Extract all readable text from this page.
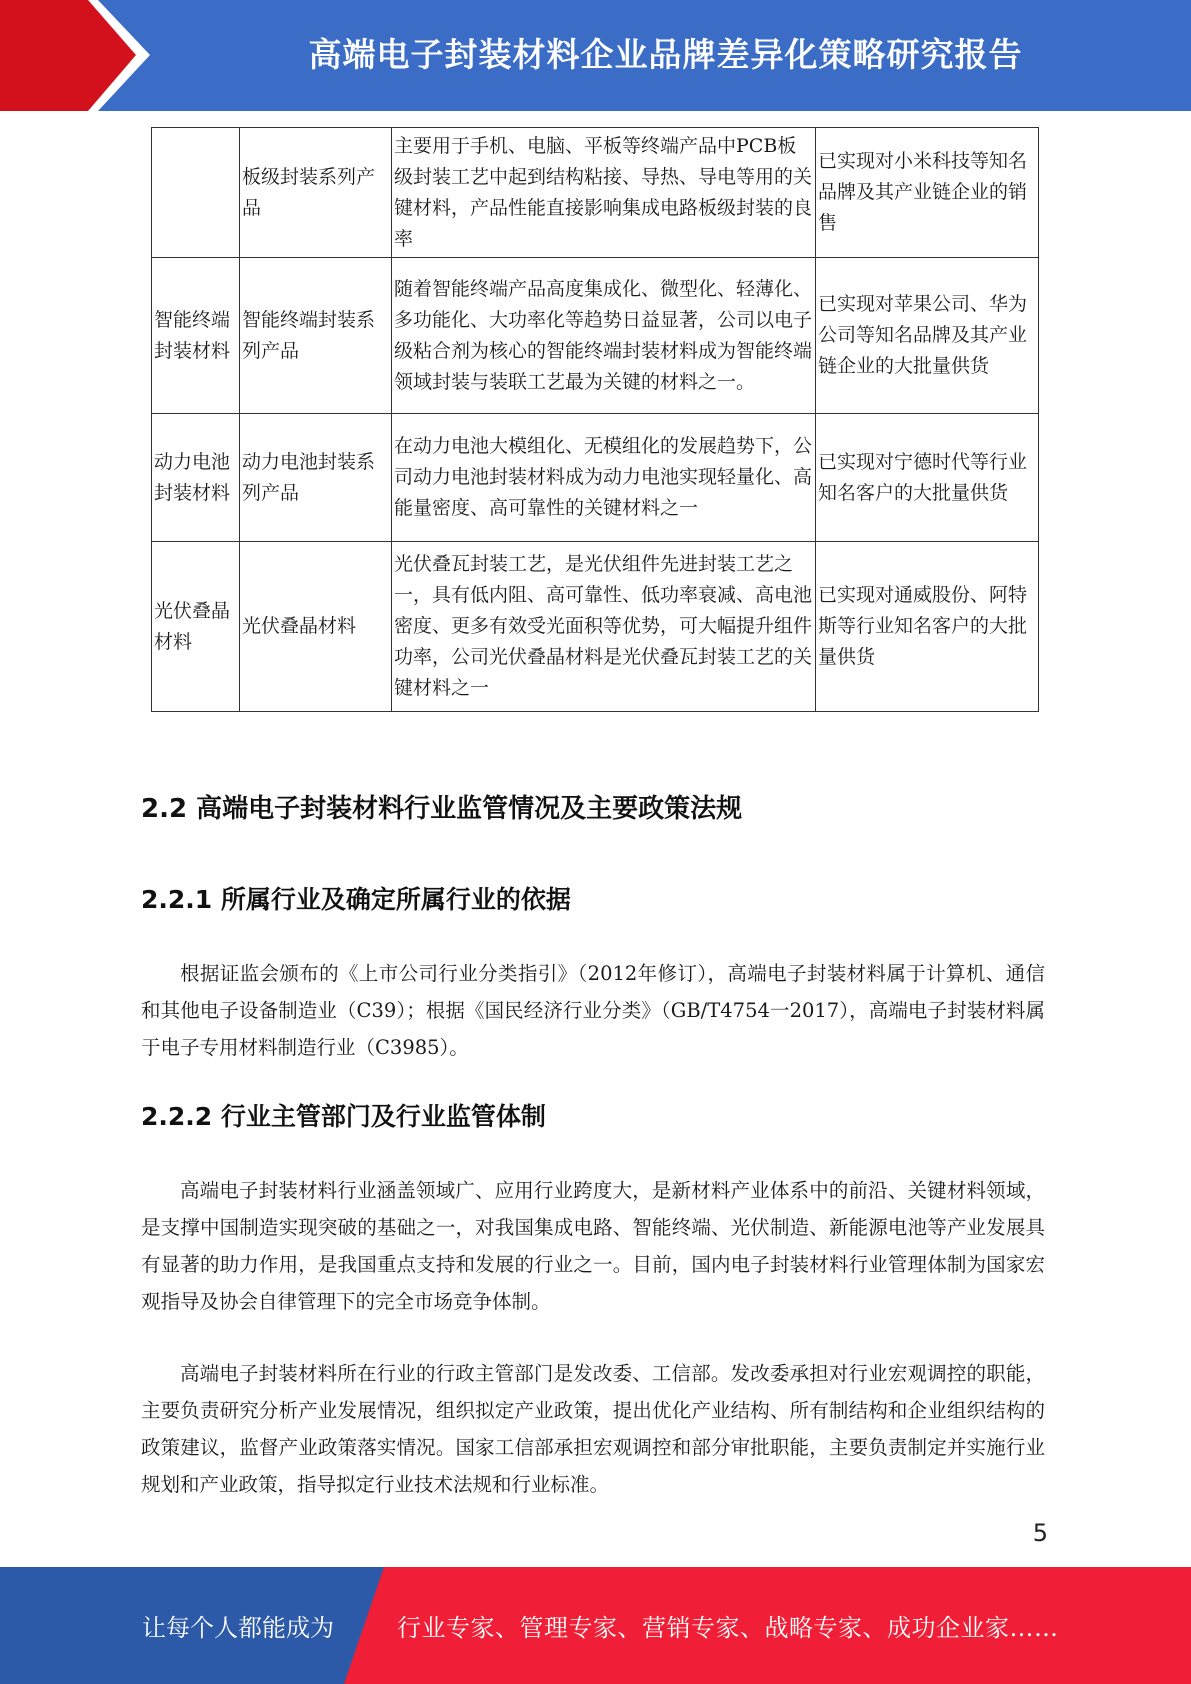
高端电子封装材料企业品牌差异化策略研究报告
	板级封装系列产品	主要用于手机、电脑、平板等终端产品中PCB板级封装工艺中起到结构粘接、导热、导电等用的关键材料，产品性能直接影响集成电路板级封装的良率	已实现对小米科技等知名品牌及其产业链企业的销售
智能终端封装材料	智能终端封装系列产品	随着智能终端产品高度集成化、微型化、轻薄化、多功能化、大功率化等趋势日益显著，公司以电子级粘合剂为核心的智能终端封装材料成为智能终端领域封装与装联工艺最为关键的材料之一。	已实现对苹果公司、华为公司等知名品牌及其产业链企业的大批量供货
动力电池封装材料	动力电池封装系列产品	在动力电池大模组化、无模组化的发展趋势下，公司动力电池封装材料成为动力电池实现轻量化、高能量密度、高可靠性的关键材料之一	已实现对宁德时代等行业知名客户的大批量供货
光伏叠晶材料	光伏叠晶材料	光伏叠瓦封装工艺，是光伏组件先进封装工艺之一，具有低内阻、高可靠性、低功率衰减、高电池密度、更多有效受光面积等优势，可大幅提升组件功率，公司光伏叠晶材料是光伏叠瓦封装工艺的关键材料之一	已实现对通威股份、阿特斯等行业知名客户的大批量供货
2.2 高端电子封装材料行业监管情况及主要政策法规
2.2.1 所属行业及确定所属行业的依据

根据证监会颁布的《上市公司行业分类指引》（2012年修订），高端电子封装材料属于计算机、通信和其他电子设备制造业（C39）；根据《国民经济行业分类》（GB/T4754一2017），高端电子封装材料属于电子专用材料制造行业（C3985）。

2.2.2 行业主管部门及行业监管体制

高端电子封装材料行业涵盖领域广、应用行业跨度大，是新材料产业体系中的前沿、关键材料领域，是支撑中国制造实现突破的基础之一，对我国集成电路、智能终端、光伏制造、新能源电池等产业发展具有显著的助力作用，是我国重点支持和发展的行业之一。目前，国内电子封装材料行业管理体制为国家宏观指导及协会自律管理下的完全市场竞争体制。

高端电子封装材料所在行业的行政主管部门是发改委、工信部。发改委承担对行业宏观调控的职能，主要负责研究分析产业发展情况，组织拟定产业政策，提出优化产业结构、所有制结构和企业组织结构的政策建议，监督产业政策落实情况。国家工信部承担宏观调控和部分审批职能，主要负责制定并实施行业规划和产业政策，指导拟定行业技术法规和行业标准。

5
让每个人都能成为	行业专家、管理专家、营销专家、战略专家、成功企业家……
